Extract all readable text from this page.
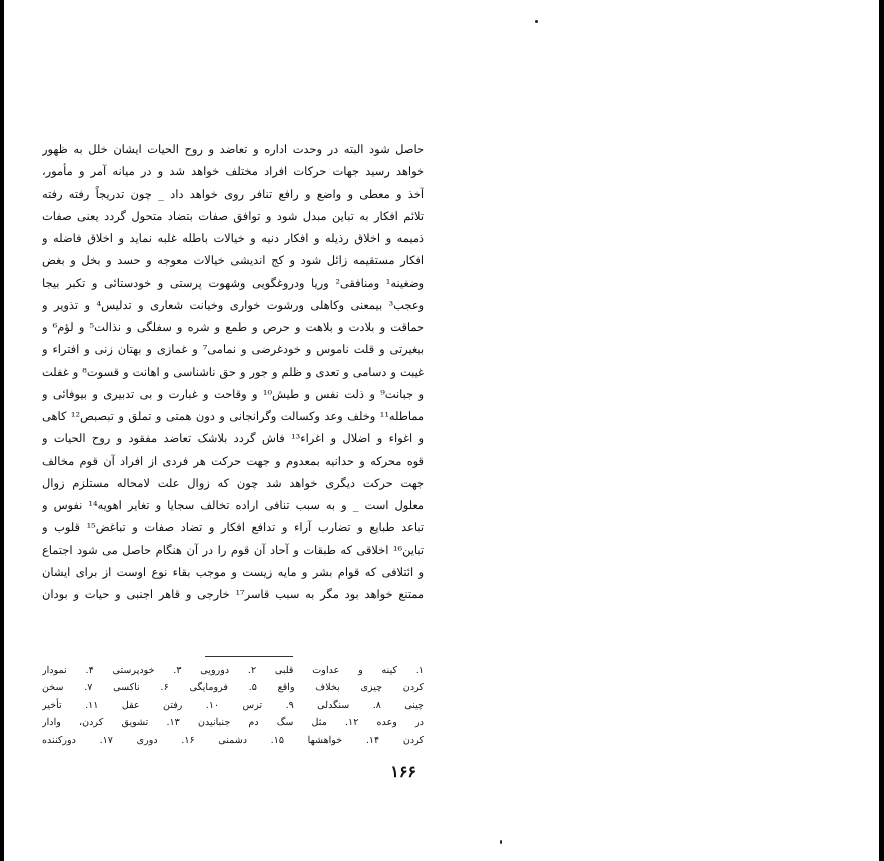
حاصل شود البته در وحدت اداره و تعاضد و روح الحیات ایشان خلل به ظهور
خواهد رسید جهات حرکات افراد مختلف خواهد شد و در میانه آمر و مأمور،
آخذ و معطی و واضع و رافع تنافر روی خواهد داد _ چون تدریجاً رفته رفته
تلائم افکار به تباین مبدل شود و توافق صفات بتضاد متحول گردد یعنی صفات
ذمیمه و اخلاق رذیله و افکار دنیه و خیالات باطله غلبه نماید و اخلاق فاضله و
افکار مستقیمه زائل شود و کج اندیشی خیالات معوجه و حسد و بخل و بغض
وضغینه¹ ومنافقی² وریا ودروغگویی وشهوت پرستی و خودستائی و تکبر بیجا
وعجب³ بیمعنی وکاهلی ورشوت خواری وخیانت شعاری و تدلیس⁴ و تذویر و
حماقت و بلادت و بلاهت و حرص و طمع و شره و سفلگی و نذالت⁵ و لؤم⁶ و
بیغیرتی و قلت ناموس و خودغرضی و نمامی⁷ و غمازی و بهتان زنی و افتراء و
غیبت و دسامی و تعدی و ظلم و جور و حق ناشناسی و اهانت و قسوت⁸ و غفلت
و جبانت⁹ و ذلت نفس و طیش¹⁰ و وقاحت و غبارت و بی تدبیری و بیوفائی و
مماطله¹¹ وخلف وعد وکسالت وگرانجانی و دون همتی و تملق و تبصبص¹² کاهی
و اغواء و اضلال و اغراء¹³ فاش گردد بلاشک تعاضد مفقود و روح الحیات و
قوه محرکه و حدانیه بمعدوم و جهت حرکت هر فردی از افراد آن قوم مخالف
جهت حرکت دیگری خواهد شد چون که زوال علت لامحاله مستلزم زوال
معلول است _ و به سبب تنافی اراده تخالف سجایا و تغایر اهویه¹⁴ نفوس و
تباعد طبایع و تضارب آراء و تدافع افکار و تضاد صفات و تباغض¹⁵ قلوب و
تباین¹⁶ اخلاقی که طبقات و آحاد آن قوم را در آن هنگام حاصل می شود اجتماع
و ائتلافی که قوام بشر و مایه زیست و موجب بقاء نوع اوست از برای ایشان
ممتنع خواهد بود مگر به سبب قاسر¹⁷ خارجی و قاهر اجنبی و حیات و بودان
۱. کینه و عداوت قلبی ۲. دورویی ۳. خودپرستی ۴. نمودار
کردن چیزی بخلاف واقع ۵. فرومایگی ۶. ناکسی ۷. سخن‌
چینی ۸. سنگدلی ۹. ترس ۱۰. رفتن عقل ۱۱. تأخیر
در وعده ۱۲. مثل سگ دم جنبانیدن ۱۳. تشویق کردن، وادار
کردن ۱۴. خواهشها ۱۵. دشمنی ۱۶. دوری ۱۷. دورکننده
۱۶۶
